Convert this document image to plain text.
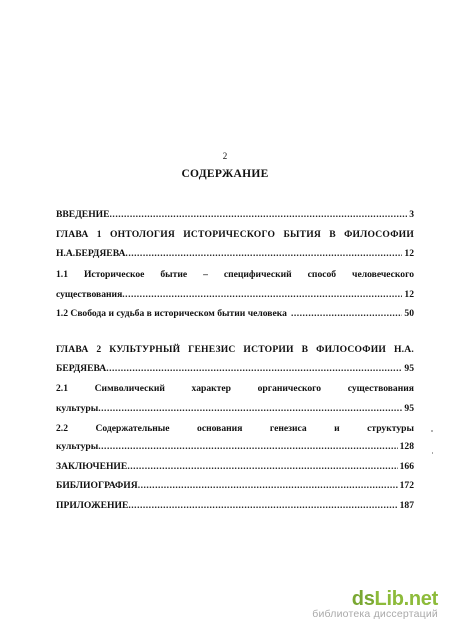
2
СОДЕРЖАНИЕ
ВВЕДЕНИЕ .....	3
ГЛАВА 1 ОНТОЛОГИЯ ИСТОРИЧЕСКОГО БЫТИЯ В ФИЛОСОФИИ
Н.А.БЕРДЯЕВА .....	12
1.1 Историческое бытие – специфический способ человеческого
существования .....	12
1.2 Свобода и судьба в историческом бытии человека .....	50
ГЛАВА 2 КУЛЬТУРНЫЙ ГЕНЕЗИС ИСТОРИИ В ФИЛОСОФИИ Н.А.
БЕРДЯЕВА .....	95
2.1	Символический	характер	органического	существования
культуры .....	95
2.2	Содержательные	основания	генезиса	и	структуры
культуры .....	128
ЗАКЛЮЧЕНИЕ .....	166
БИБЛИОГРАФИЯ .....	172
ПРИЛОЖЕНИЕ .....	187
dsLib.net
библиотека диссертаций
